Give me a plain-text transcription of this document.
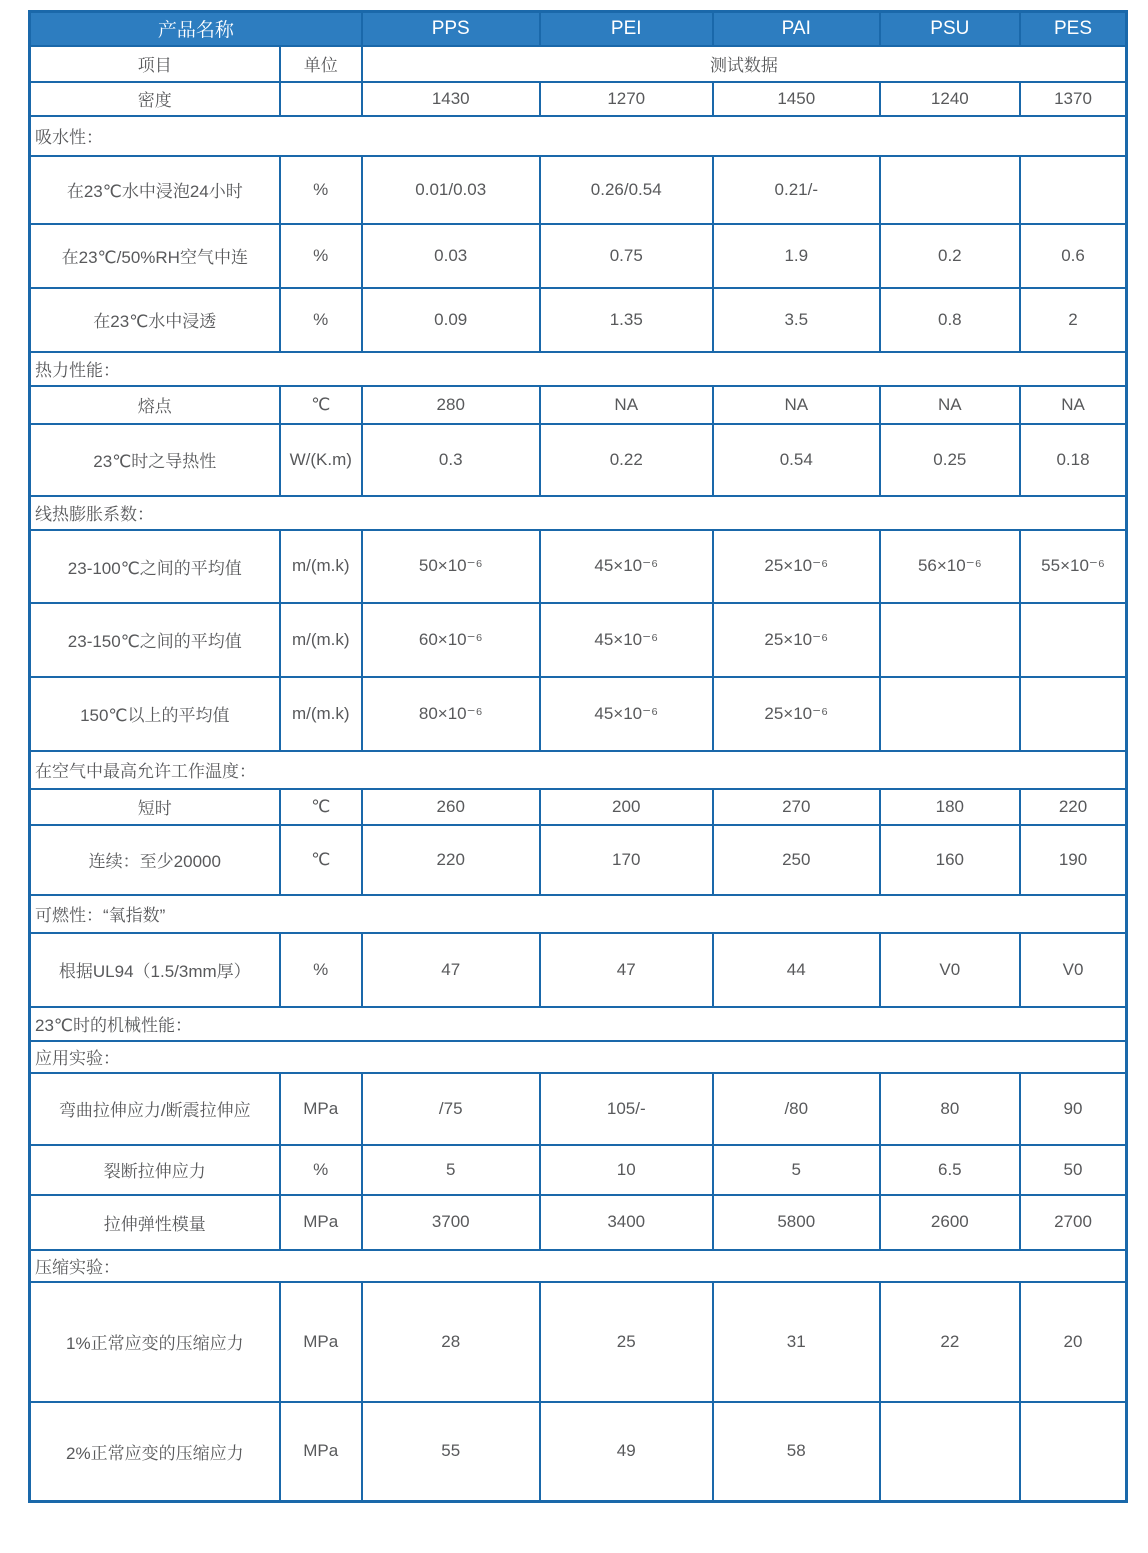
产品名称		PPS	PEI	PAI	PSU	PES
项目	单位	测试数据				
密度		1430	1270	1450	1240	1370
吸水性：						
在23℃水中浸泡24小时	%	0.01/0.03	0.26/0.54	0.21/-		
在23℃/50%RH空气中连	%	0.03	0.75	1.9	0.2	0.6
在23℃水中浸透	%	0.09	1.35	3.5	0.8	2
热力性能：						
熔点	℃	280	NA	NA	NA	NA
23℃时之导热性	W/(K.m)	0.3	0.22	0.54	0.25	0.18
线热膨胀系数：						
23-100℃之间的平均值	m/(m.k)	50×10⁻⁶	45×10⁻⁶	25×10⁻⁶	56×10⁻⁶	55×10⁻⁶
23-150℃之间的平均值	m/(m.k)	60×10⁻⁶	45×10⁻⁶	25×10⁻⁶		
150℃以上的平均值	m/(m.k)	80×10⁻⁶	45×10⁻⁶	25×10⁻⁶		
在空气中最高允许工作温度：						
短时	℃	260	200	270	180	220
连续：至少20000	℃	220	170	250	160	190
可燃性：“氧指数”						
根据UL94（1.5/3mm厚）	%	47	47	44	V0	V0
23℃时的机械性能：						
应用实验：						
弯曲拉伸应力/断震拉伸应	MPa	/75	105/-	/80	80	90
裂断拉伸应力	%	5	10	5	6.5	50
拉伸弹性模量	MPa	3700	3400	5800	2600	2700
压缩实验：						
1%正常应变的压缩应力	MPa	28	25	31	22	20
2%正常应变的压缩应力	MPa	55	49	58		
